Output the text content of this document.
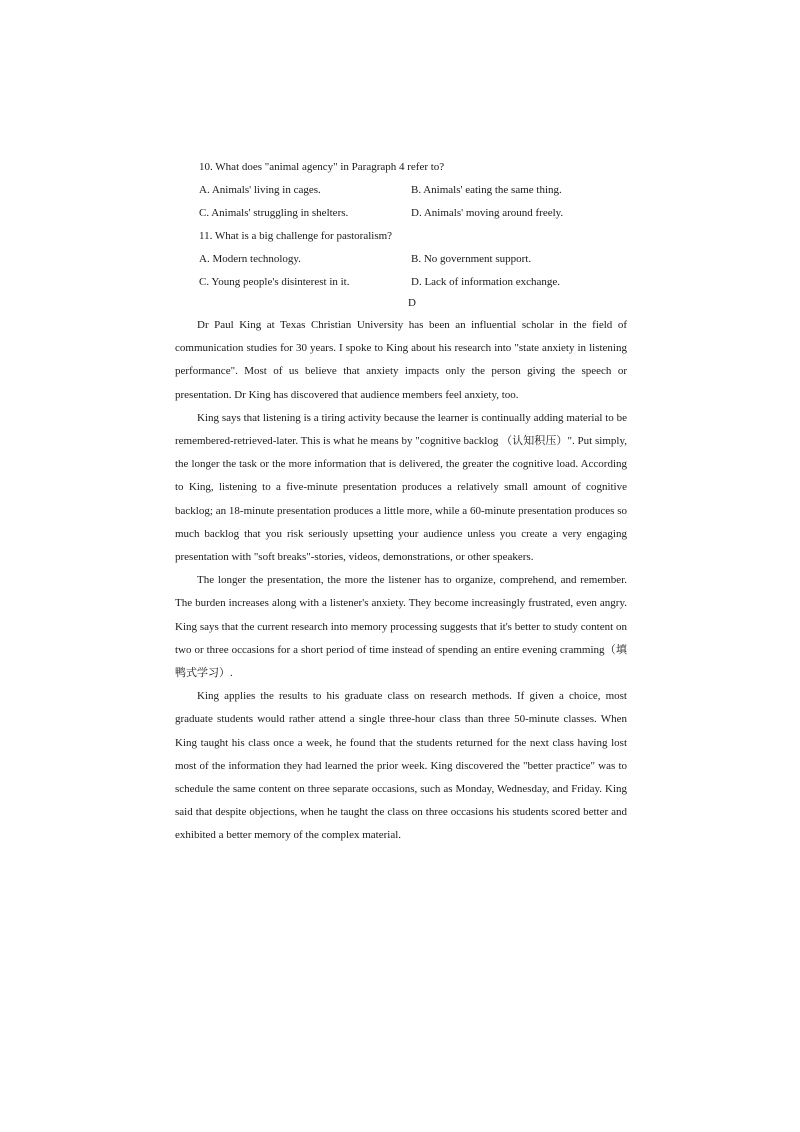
10. What does "animal agency" in Paragraph 4 refer to?
A. Animals' living in cages.	B. Animals' eating the same thing.
C. Animals' struggling in shelters.	D. Animals' moving around freely.
11. What is a big challenge for pastoralism?
A. Modern technology.	B. No government support.
C. Young people's disinterest in it.	D. Lack of information exchange.
D

Dr Paul King at Texas Christian University has been an influential scholar in the field of communication studies for 30 years. I spoke to King about his research into "state anxiety in listening performance". Most of us believe that anxiety impacts only the person giving the speech or presentation. Dr King has discovered that audience members feel anxiety, too.

King says that listening is a tiring activity because the learner is continually adding material to be remembered-retrieved-later. This is what he means by "cognitive backlog （认知积压）". Put simply, the longer the task or the more information that is delivered, the greater the cognitive load. According to King, listening to a five-minute presentation produces a relatively small amount of cognitive backlog; an 18-minute presentation produces a little more, while a 60-minute presentation produces so much backlog that you risk seriously upsetting your audience unless you create a very engaging presentation with "soft breaks"-stories, videos, demonstrations, or other speakers.

The longer the presentation, the more the listener has to organize, comprehend, and remember. The burden increases along with a listener's anxiety. They become increasingly frustrated, even angry. King says that the current research into memory processing suggests that it's better to study content on two or three occasions for a short period of time instead of spending an entire evening cramming（填鸭式学习）.

King applies the results to his graduate class on research methods. If given a choice, most graduate students would rather attend a single three-hour class than three 50-minute classes. When King taught his class once a week, he found that the students returned for the next class having lost most of the information they had learned the prior week. King discovered the "better practice" was to schedule the same content on three separate occasions, such as Monday, Wednesday, and Friday. King said that despite objections, when he taught the class on three occasions his students scored better and exhibited a better memory of the complex material.
